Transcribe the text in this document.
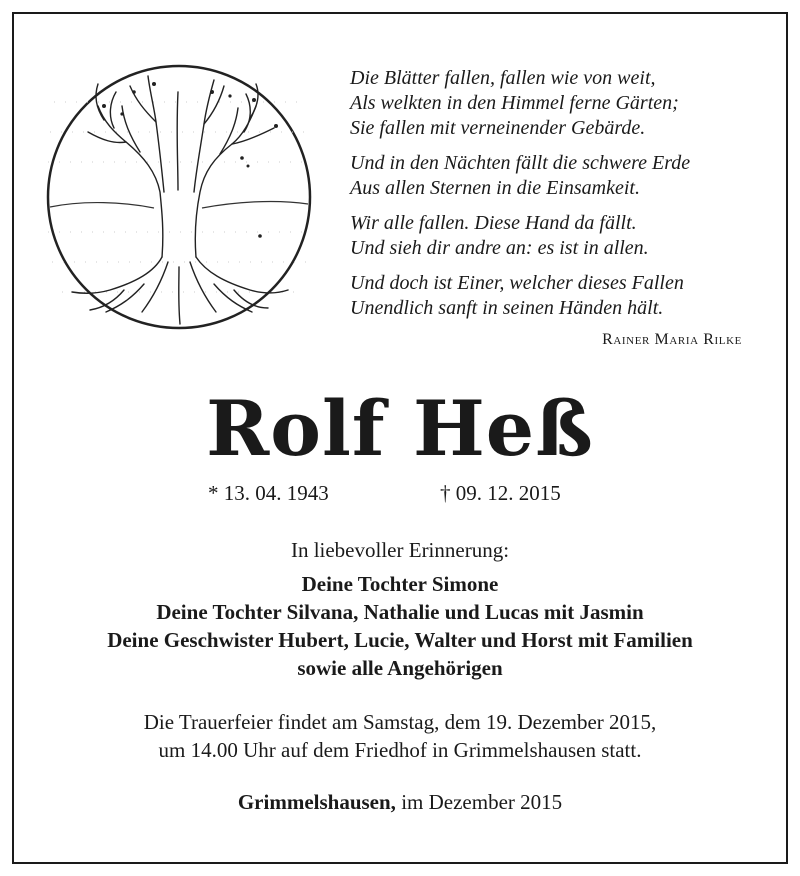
Die Blätter fallen, fallen wie von weit,
Als welkten in den Himmel ferne Gärten;
Sie fallen mit verneinender Gebärde.
Und in den Nächten fällt die schwere Erde
Aus allen Sternen in die Einsamkeit.
Wir alle fallen. Diese Hand da fällt.
Und sieh dir andre an: es ist in allen.
Und doch ist Einer, welcher dieses Fallen
Unendlich sanft in seinen Händen hält.
Rainer Maria Rilke
Rolf Heß
* 13. 04. 1943	† 09. 12. 2015
In liebevoller Erinnerung:
Deine Tochter Simone
Deine Tochter Silvana, Nathalie und Lucas mit Jasmin
Deine Geschwister Hubert, Lucie, Walter und Horst mit Familien
sowie alle Angehörigen
Die Trauerfeier findet am Samstag, dem 19. Dezember 2015,
um 14.00 Uhr auf dem Friedhof in Grimmelshausen statt.
Grimmelshausen, im Dezember 2015
